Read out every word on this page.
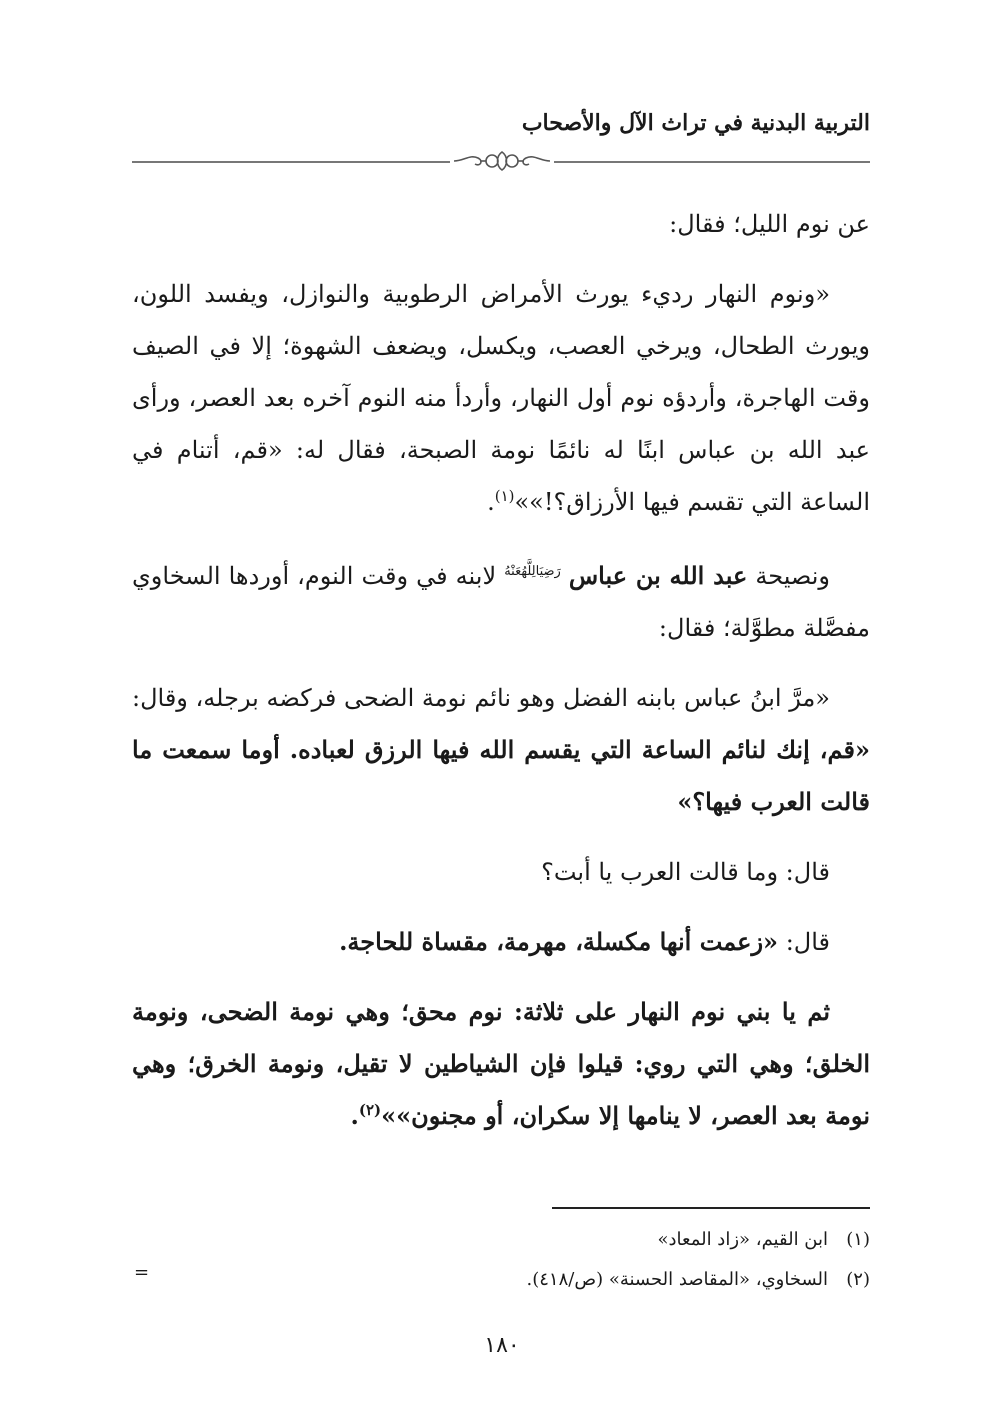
التربية البدنية في تراث الآل والأصحاب

عن نوم الليل؛ فقال:

«ونوم النهار رديء يورث الأمراض الرطوبية والنوازل، ويفسد اللون، ويورث الطحال، ويرخي العصب، ويكسل، ويضعف الشهوة؛ إلا في الصيف وقت الهاجرة، وأردؤه نوم أول النهار، وأردأ منه النوم آخره بعد العصر، ورأى عبد الله بن عباس ابنًا له نائمًا نومة الصبحة، فقال له: «قم، أتنام في الساعة التي تقسم فيها الأرزاق؟!»»$^{(١)}$.

ونصيحة عبد الله بن عباس $^{رَضِيَالِلَّهُعَنْهُ}$ لابنه في وقت النوم، أوردها السخاوي مفصَّلة مطوَّلة؛ فقال:

«مرَّ ابنُ عباس بابنه الفضل وهو نائم نومة الضحى فركضه برجله، وقال: «قم، إنك لنائم الساعة التي يقسم الله فيها الرزق لعباده. أوما سمعت ما قالت العرب فيها؟»

قال: وما قالت العرب يا أبت؟

قال: «زعمت أنها مكسلة، مهرمة، مقساة للحاجة.

ثم يا بني نوم النهار على ثلاثة: نوم محق؛ وهي نومة الضحى، ونومة الخلق؛ وهي التي روي: قيلوا فإن الشياطين لا تقيل، ونومة الخرق؛ وهي نومة بعد العصر، لا ينامها إلا سكران، أو مجنون»»$^{(٢)}$.

(١)
ابن القيم، «زاد المعاد»
(٢)
السخاوي، «المقاصد الحسنة» (ص/٤١٨).
=
١٨٠
